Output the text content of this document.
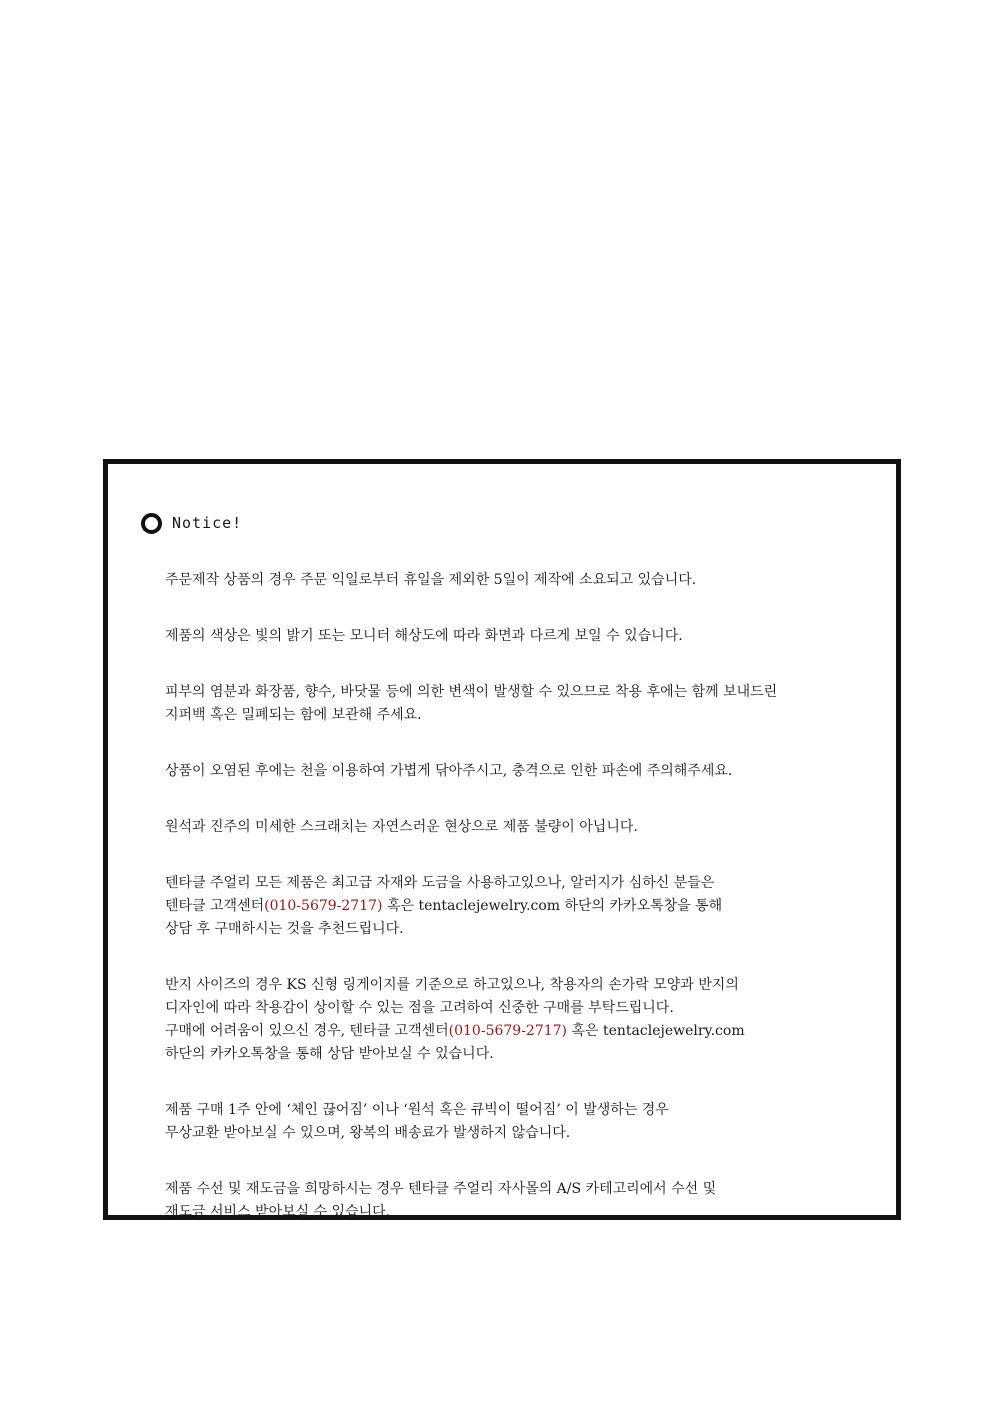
Notice!
주문제작 상품의 경우 주문 익일로부터 휴일을 제외한 5일이 제작에 소요되고 있습니다.
제품의 색상은 빛의 밝기 또는 모니터 해상도에 따라 화면과 다르게 보일 수 있습니다.
피부의 염분과 화장품, 향수, 바닷물 등에 의한 변색이 발생할 수 있으므로 착용 후에는 함께 보내드린
지퍼백 혹은 밀폐되는 함에 보관해 주세요.
상품이 오염된 후에는 천을 이용하여 가볍게 닦아주시고, 충격으로 인한 파손에 주의해주세요.
원석과 진주의 미세한 스크래치는 자연스러운 현상으로 제품 불량이 아닙니다.
텐타클 주얼리 모든 제품은 최고급 자재와 도금을 사용하고있으나, 알러지가 심하신 분들은
텐타클 고객센터(010-5679-2717) 혹은 tentaclejewelry.com 하단의 카카오톡창을 통해
상담 후 구매하시는 것을 추천드립니다.
반지 사이즈의 경우 KS 신형 링게이지를 기준으로 하고있으나, 착용자의 손가락 모양과 반지의
디자인에 따라 착용감이 상이할 수 있는 점을 고려하여 신중한 구매를 부탁드립니다.
구매에 어려움이 있으신 경우, 텐타클 고객센터(010-5679-2717) 혹은 tentaclejewelry.com
하단의 카카오톡창을 통해 상담 받아보실 수 있습니다.
제품 구매 1주 안에 ‘체인 끊어짐’ 이나 ‘원석 혹은 큐빅이 떨어짐’ 이 발생하는 경우
무상교환 받아보실 수 있으며, 왕복의 배송료가 발생하지 않습니다.
제품 수선 및 재도금을 희망하시는 경우 텐타클 주얼리 자사몰의 A/S 카테고리에서 수선 및
재도금 서비스 받아보실 수 있습니다.
